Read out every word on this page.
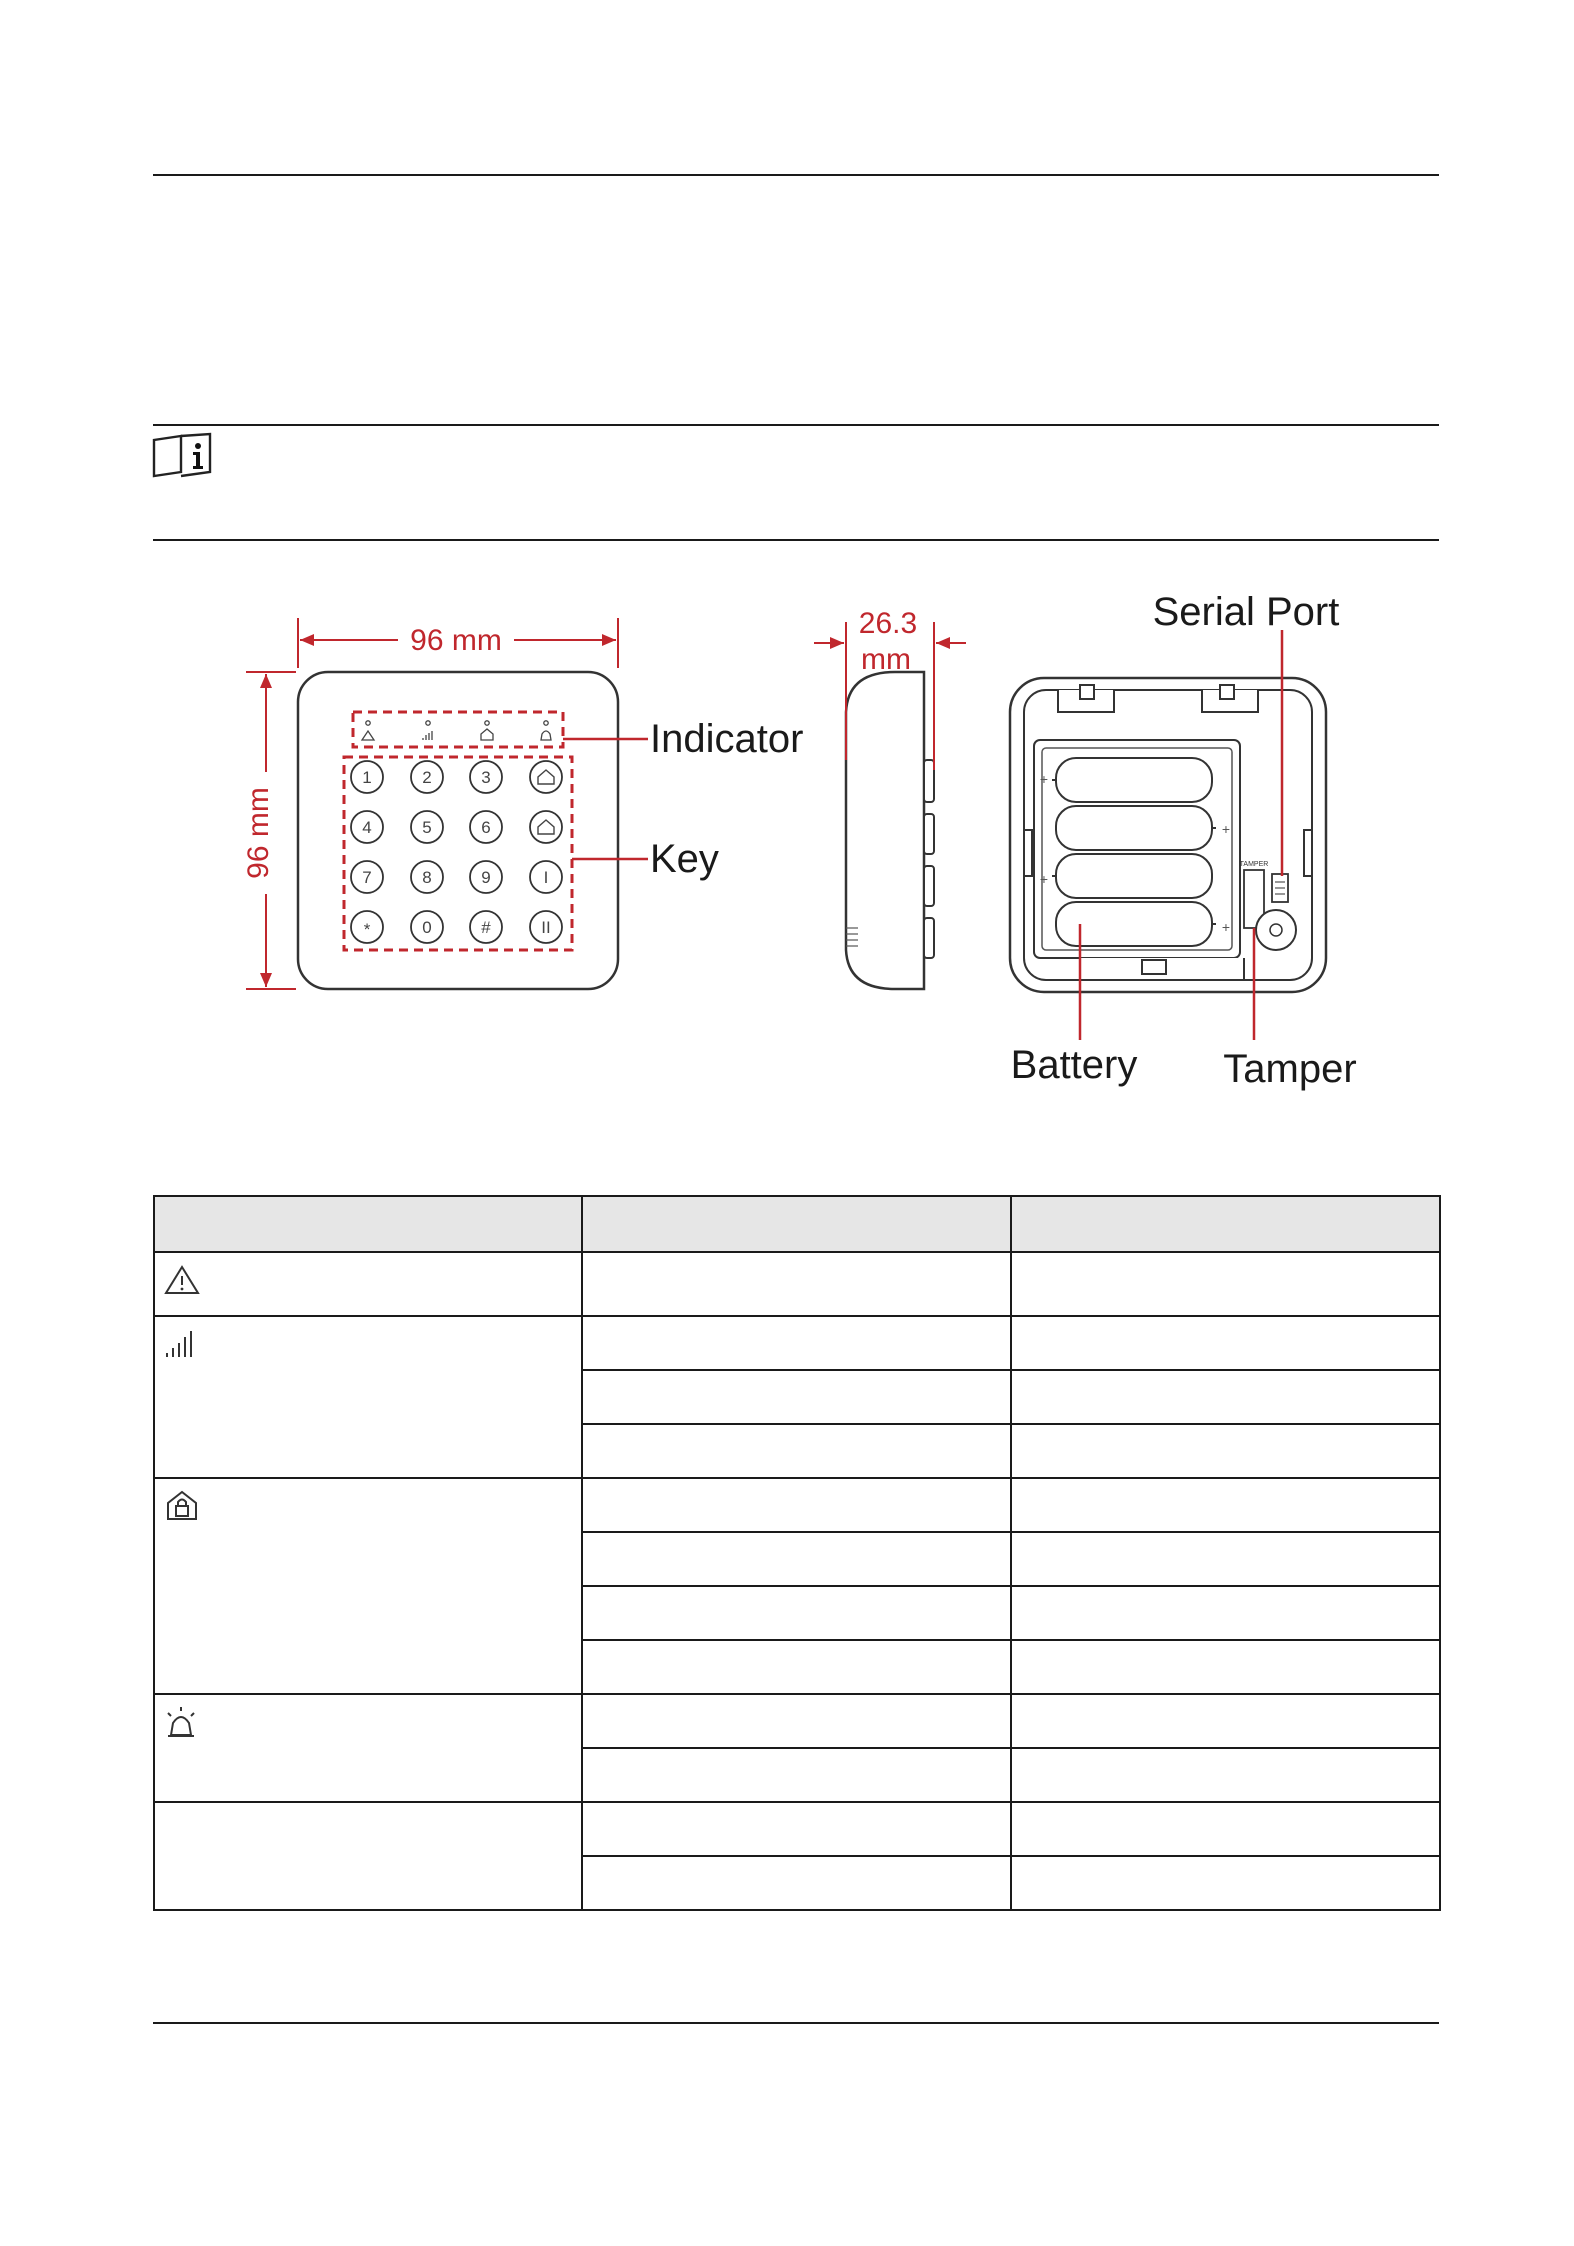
1	2	3
4	5	6
7	8	9	I
*	0	#	II
96 mm
96 mm
Indicator
Key
26.3
mm
+
+
+
+
TAMPER
Serial Port
Battery Tamper
